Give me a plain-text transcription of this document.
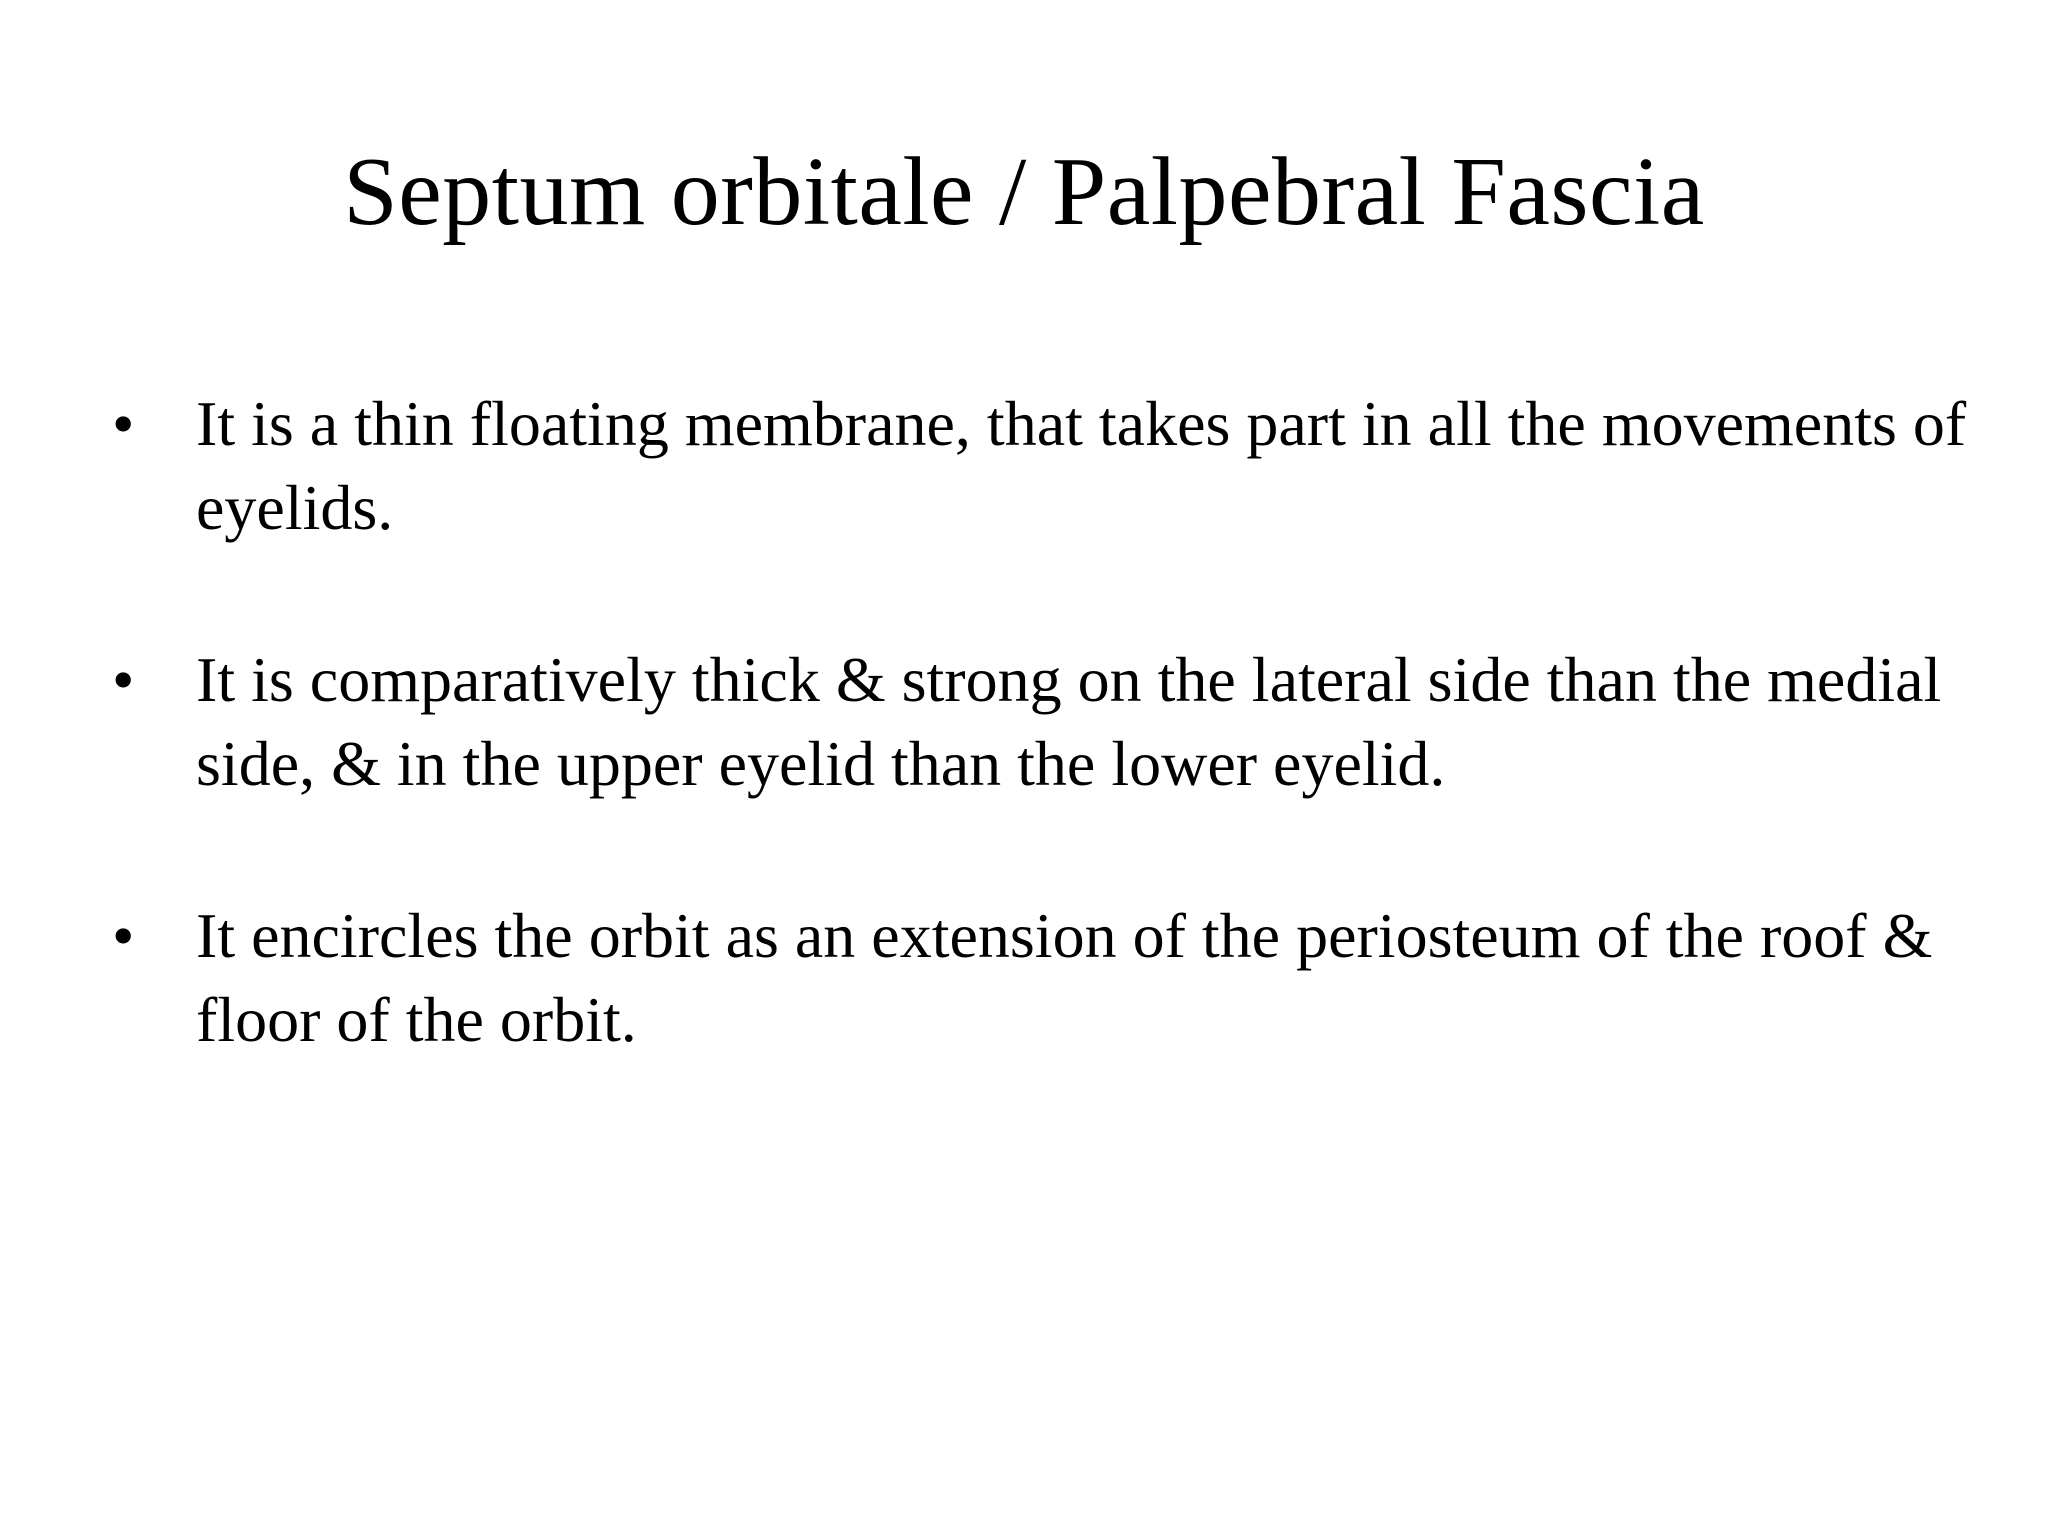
Septum orbitale / Palpebral Fascia
• It is a thin floating membrane, that takes part in all the movements of eyelids.
• It is comparatively thick & strong on the lateral side than the medial side, & in the upper eyelid than the lower eyelid.
• It encircles the orbit as an extension of the periosteum of the roof & floor of the orbit.
